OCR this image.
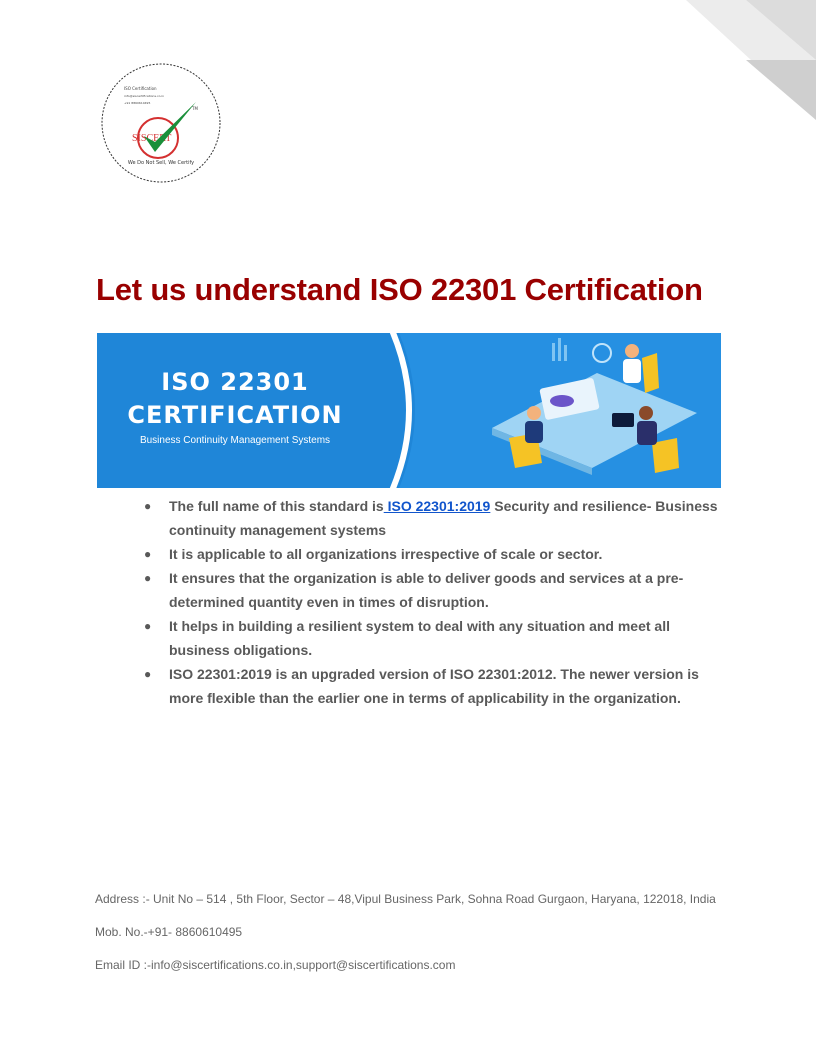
ISO Certification
info@siscertifications.co.in
+91 8860610495
SISCERT
TM
We Do Not Sell, We Certify
Let us understand ISO 22301 Certification
ISO 22301
CERTIFICATION
Business Continuity Management Systems
● The full name of this standard is ISO 22301:2019 Security and resilience- Business continuity management systems
● It is applicable to all organizations irrespective of scale or sector.
● It ensures that the organization is able to deliver goods and services at a pre-determined quantity even in times of disruption.
● It helps in building a resilient system to deal with any situation and meet all business obligations.
● ISO 22301:2019 is an upgraded version of ISO 22301:2012. The newer version is more flexible than the earlier one in terms of applicability in the organization.

Address :- Unit No – 514 , 5th Floor, Sector – 48,Vipul Business Park, Sohna Road Gurgaon, Haryana, 122018, India

Mob. No.-+91- 8860610495

Email ID :-info@siscertifications.co.in,support@siscertifications.com
